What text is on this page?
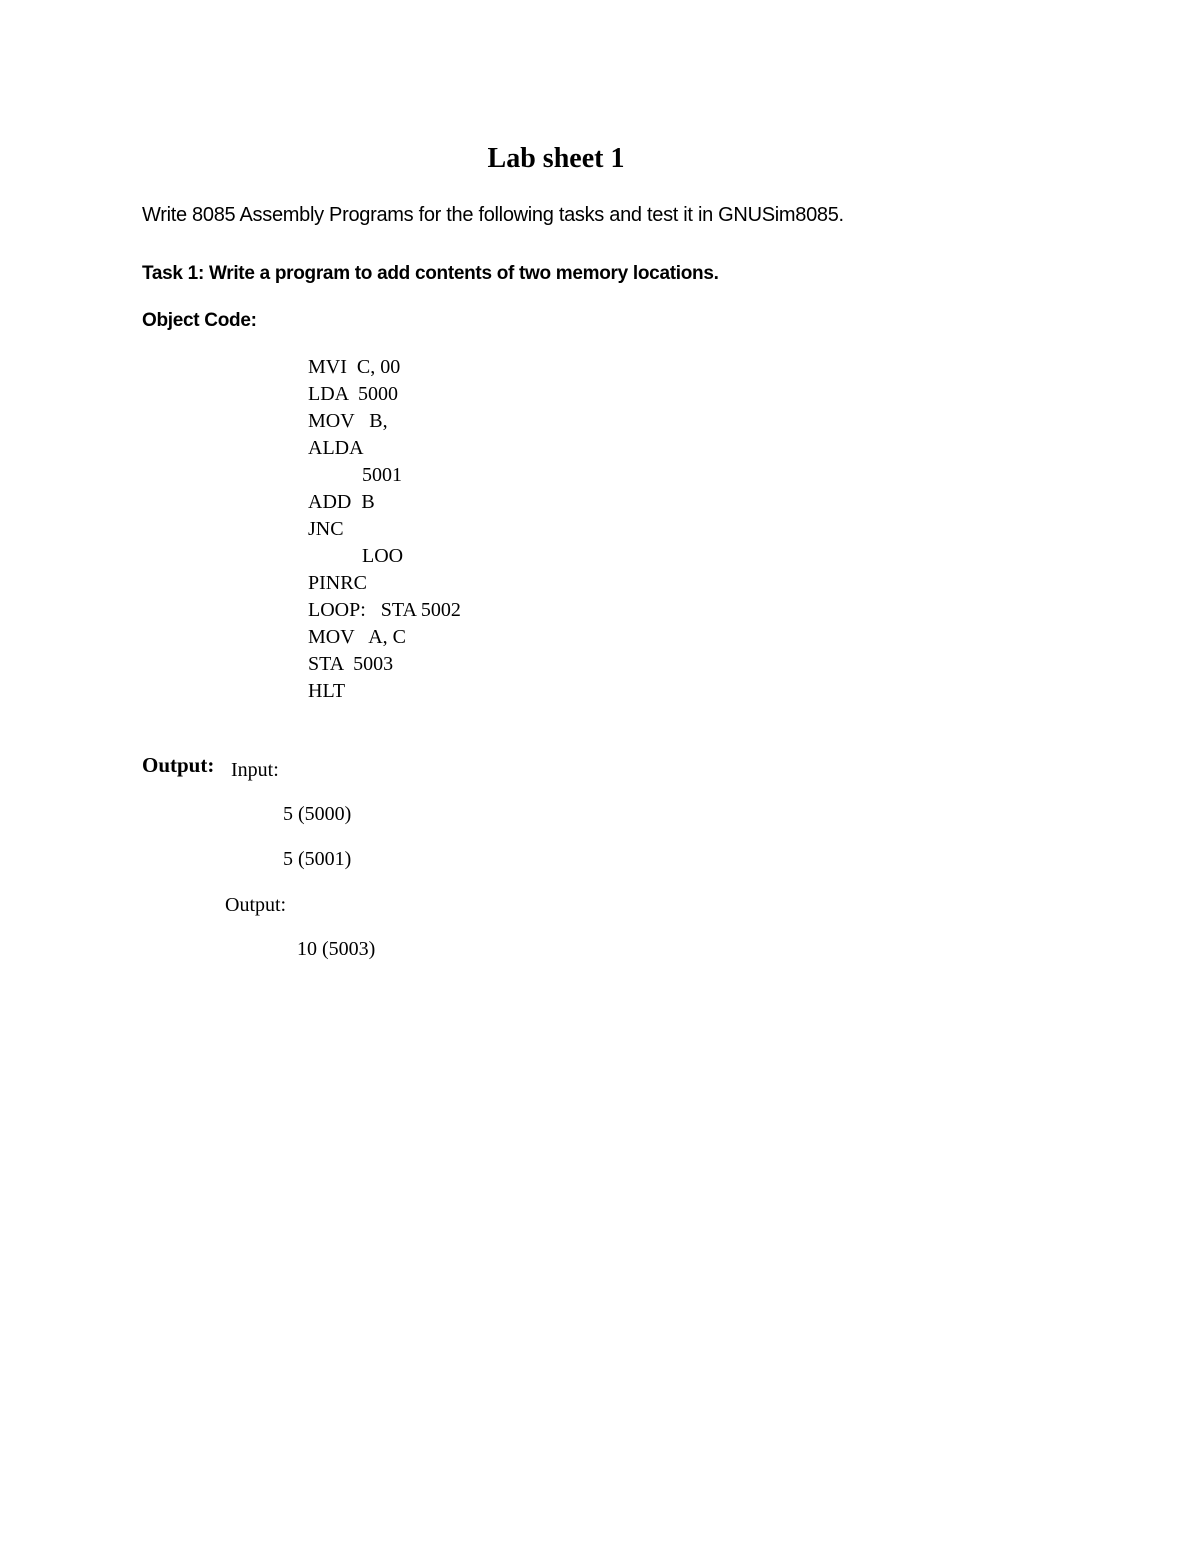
Lab sheet 1

Write 8085 Assembly Programs for the following tasks and test it in GNUSim8085.

Task 1: Write a program to add contents of two memory locations.

Object Code:

MVI  C, 00
LDA  5000
MOV   B,
ALDA
5001
ADD  B
JNC
LOO
PINRC
LOOP:   STA 5002
MOV   A, C
STA  5003
HLT

Output: Input:

5 (5000)

5 (5001)

Output:

10 (5003)
